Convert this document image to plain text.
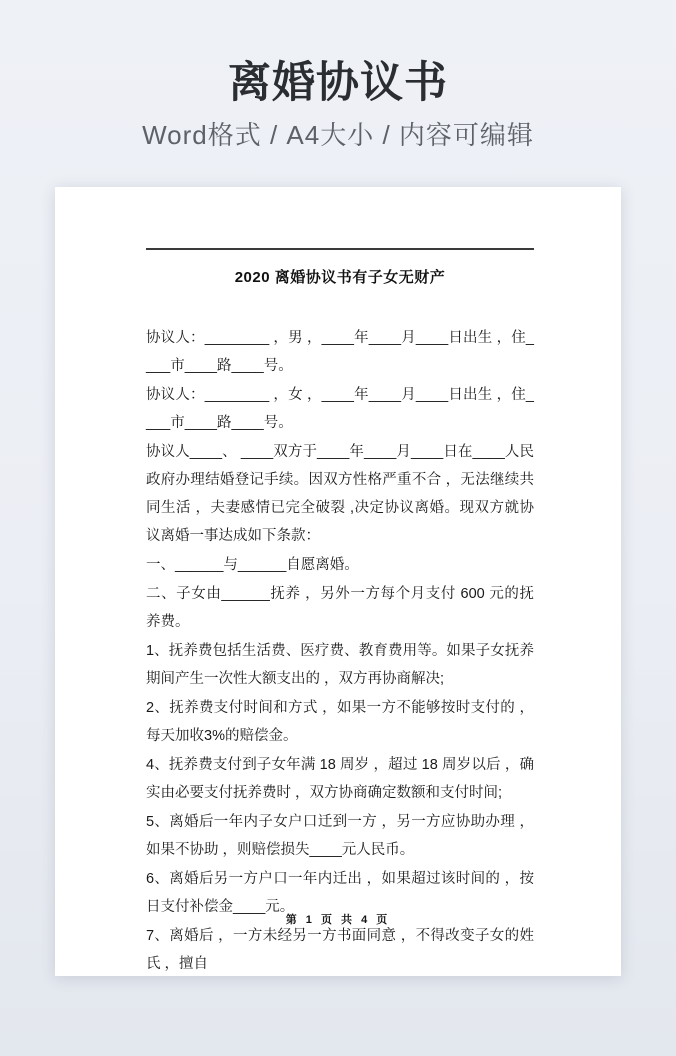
离婚协议书
Word格式 / A4大小 / 内容可编辑
2020 离婚协议书有子女无财产

协议人：________ ，男 ，____年____月____日出生 ，住____市____路____号。

协议人：________ ，女 ，____年____月____日出生 ，住____市____路____号。

协议人____、 ____双方于____年____月____日在____人民政府办理结婚登记手续。因双方性格严重不合 ，无法继续共同生活 ，夫妻感情已完全破裂 ,决定协议离婚。现双方就协议离婚一事达成如下条款：

一、______与______自愿离婚。

二、子女由______抚养 ，另外一方每个月支付 600 元的抚养费。

1、抚养费包括生活费、医疗费、教育费用等。如果子女抚养期间产生一次性大额支出的 ，双方再协商解决;

2、抚养费支付时间和方式 ，如果一方不能够按时支付的 ，每天加收3%的赔偿金。

4、抚养费支付到子女年满 18 周岁 ，超过 18 周岁以后 ，确实由必要支付抚养费时 ，双方协商确定数额和支付时间;

5、离婚后一年内子女户口迁到一方 ，另一方应协助办理 ，如果不协助 ，则赔偿损失____元人民币。

6、离婚后另一方户口一年内迁出 ，如果超过该时间的 ，按日支付补偿金____元。

7、离婚后 ，一方未经另一方书面同意 ，不得改变子女的姓氏 ，擅自

第 1 页 共 4 页
